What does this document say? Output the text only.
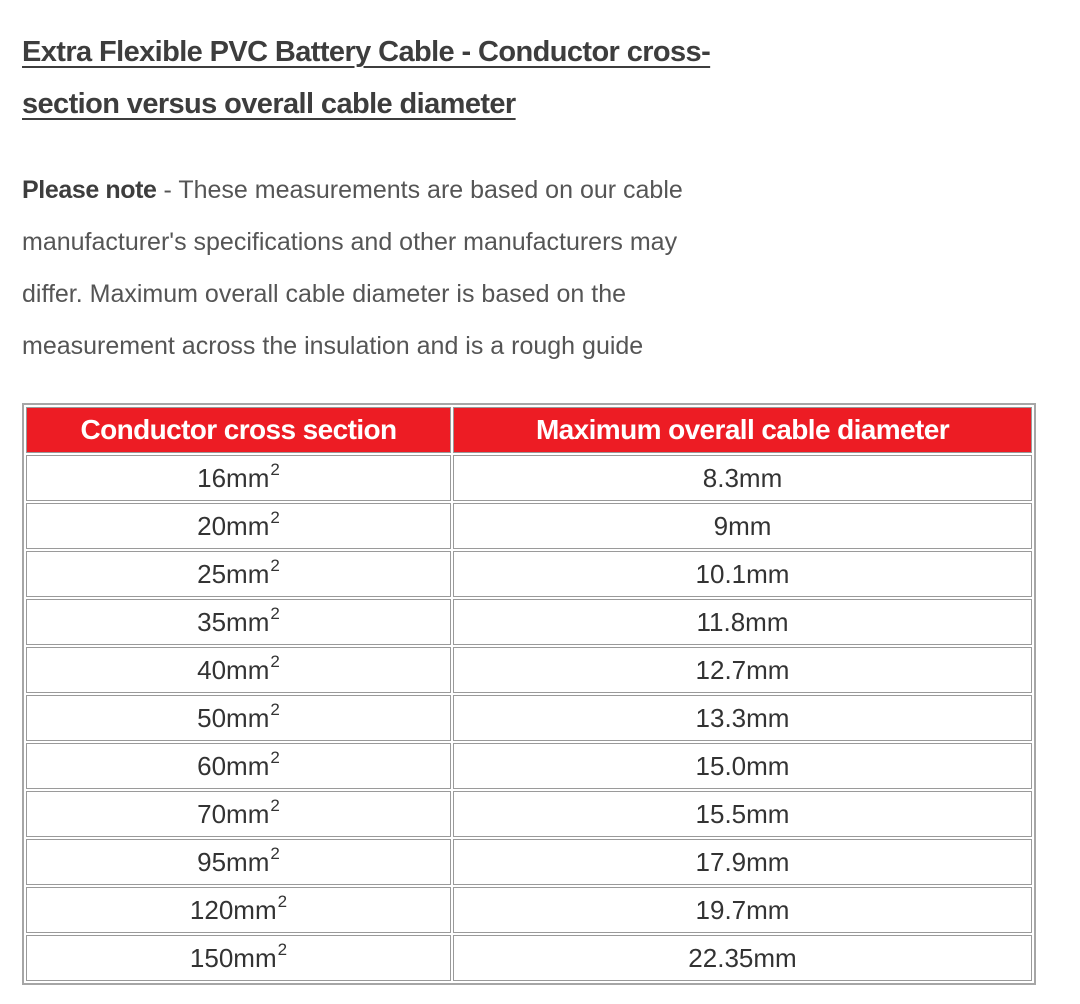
Extra Flexible PVC Battery Cable - Conductor cross-section versus overall cable diameter

Please note - These measurements are based on our cable manufacturer's specifications and other manufacturers may differ. Maximum overall cable diameter is based on the measurement across the insulation and is a rough guide

Conductor cross section	Maximum overall cable diameter
$16mm^2$	8.3mm
$20mm^2$	9mm
$25mm^2$	10.1mm
$35mm^2$	11.8mm
$40mm^2$	12.7mm
$50mm^2$	13.3mm
$60mm^2$	15.0mm
$70mm^2$	15.5mm
$95mm^2$	17.9mm
$120mm^2$	19.7mm
$150mm^2$	22.35mm
